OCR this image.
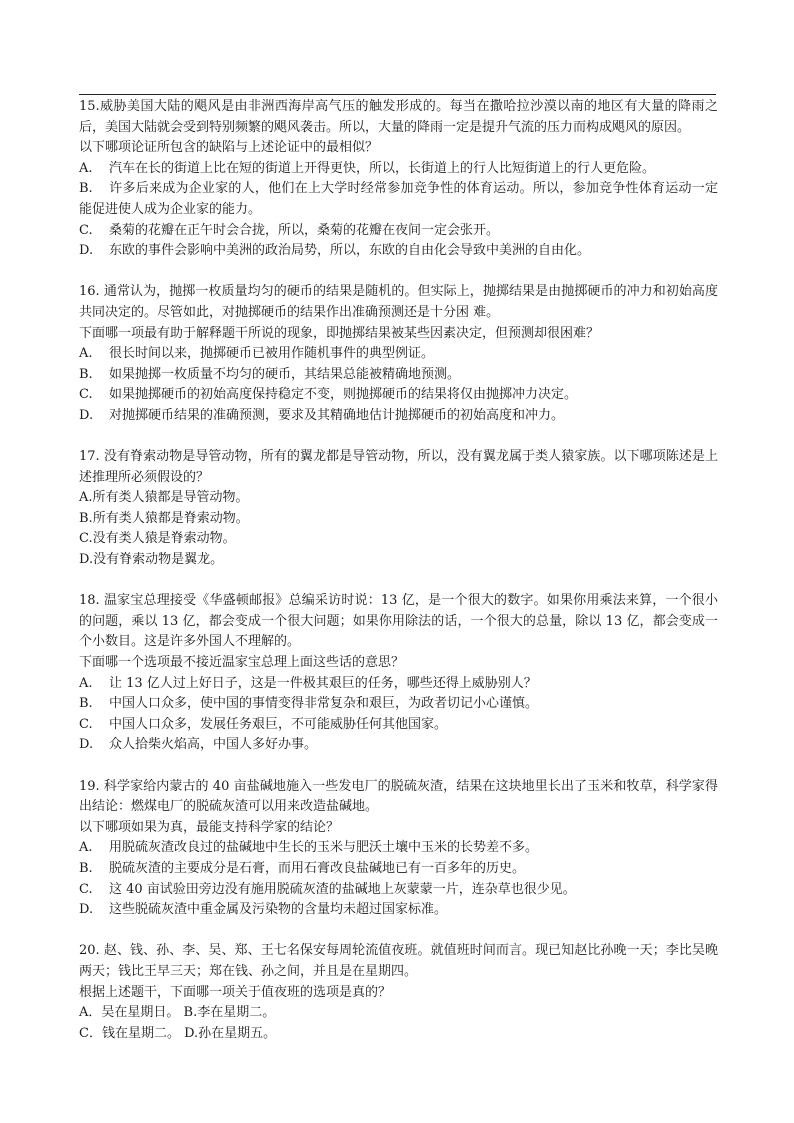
15.威胁美国大陆的飓风是由非洲西海岸高气压的触发形成的。每当在撒哈拉沙漠以南的地区有大量的降雨之后，美国大陆就会受到特别频繁的飓风袭击。所以，大量的降雨一定是提升气流的压力而构成飓风的原因。

以下哪项论证所包含的缺陷与上述论证中的最相似？

A. 汽车在长的街道上比在短的街道上开得更快，所以，长街道上的行人比短街道上的行人更危险。

B. 许多后来成为企业家的人，他们在上大学时经常参加竞争性的体育运动。所以，参加竞争性体育运动一定能促进使人成为企业家的能力。

C. 桑菊的花瓣在正午时会合拢，所以，桑菊的花瓣在夜间一定会张开。

D. 东欧的事件会影响中美洲的政治局势，所以，东欧的自由化会导致中美洲的自由化。

16. 通常认为，抛掷一枚质量均匀的硬币的结果是随机的。但实际上，抛掷结果是由抛掷硬币的冲力和初始高度共同决定的。尽管如此，对抛掷硬币的结果作出准确预测还是十分困 难。

下面哪一项最有助于解释题干所说的现象，即抛掷结果被某些因素决定，但预测却很困难？

A. 很长时间以来，抛掷硬币已被用作随机事件的典型例证。

B. 如果抛掷一枚质量不均匀的硬币，其结果总能被精确地预测。

C. 如果抛掷硬币的初始高度保持稳定不变，则抛掷硬币的结果将仅由抛掷冲力决定。

D. 对抛掷硬币结果的准确预测，要求及其精确地估计抛掷硬币的初始高度和冲力。

17. 没有脊索动物是导管动物，所有的翼龙都是导管动物，所以，没有翼龙属于类人猿家族。以下哪项陈述是上述推理所必须假设的？

A.所有类人猿都是导管动物。

B.所有类人猿都是脊索动物。

C.没有类人猿是脊索动物。

D.没有脊索动物是翼龙。

18. 温家宝总理接受《华盛顿邮报》总编采访时说：13 亿，是一个很大的数字。如果你用乘法来算，一个很小的问题，乘以 13 亿，都会变成一个很大问题；如果你用除法的话，一个很大的总量，除以 13 亿，都会变成一个小数目。这是许多外国人不理解的。

下面哪一个选项最不接近温家宝总理上面这些话的意思？

A. 让 13 亿人过上好日子，这是一件极其艰巨的任务，哪些还得上威胁别人？

B. 中国人口众多，使中国的事情变得非常复杂和艰巨，为政者切记小心谨慎。

C. 中国人口众多，发展任务艰巨，不可能威胁任何其他国家。

D. 众人拾柴火焰高，中国人多好办事。

19. 科学家给内蒙古的 40 亩盐碱地施入一些发电厂的脱硫灰渣，结果在这块地里长出了玉米和牧草，科学家得出结论：燃煤电厂的脱硫灰渣可以用来改造盐碱地。

以下哪项如果为真，最能支持科学家的结论？

A. 用脱硫灰渣改良过的盐碱地中生长的玉米与肥沃土壤中玉米的长势差不多。

B. 脱硫灰渣的主要成分是石膏，而用石膏改良盐碱地已有一百多年的历史。

C. 这 40 亩试验田旁边没有施用脱硫灰渣的盐碱地上灰蒙蒙一片，连杂草也很少见。

D. 这些脱硫灰渣中重金属及污染物的含量均未超过国家标准。

20. 赵、钱、孙、李、吴、郑、王七名保安每周轮流值夜班。就值班时间而言。现已知赵比孙晚一天；李比吴晚两天；钱比王早三天；郑在钱、孙之间，并且是在星期四。

根据上述题干，下面哪一项关于值夜班的选项是真的？

A．吴在星期日。 B.李在星期二。

C．钱在星期二。 D.孙在星期五。
